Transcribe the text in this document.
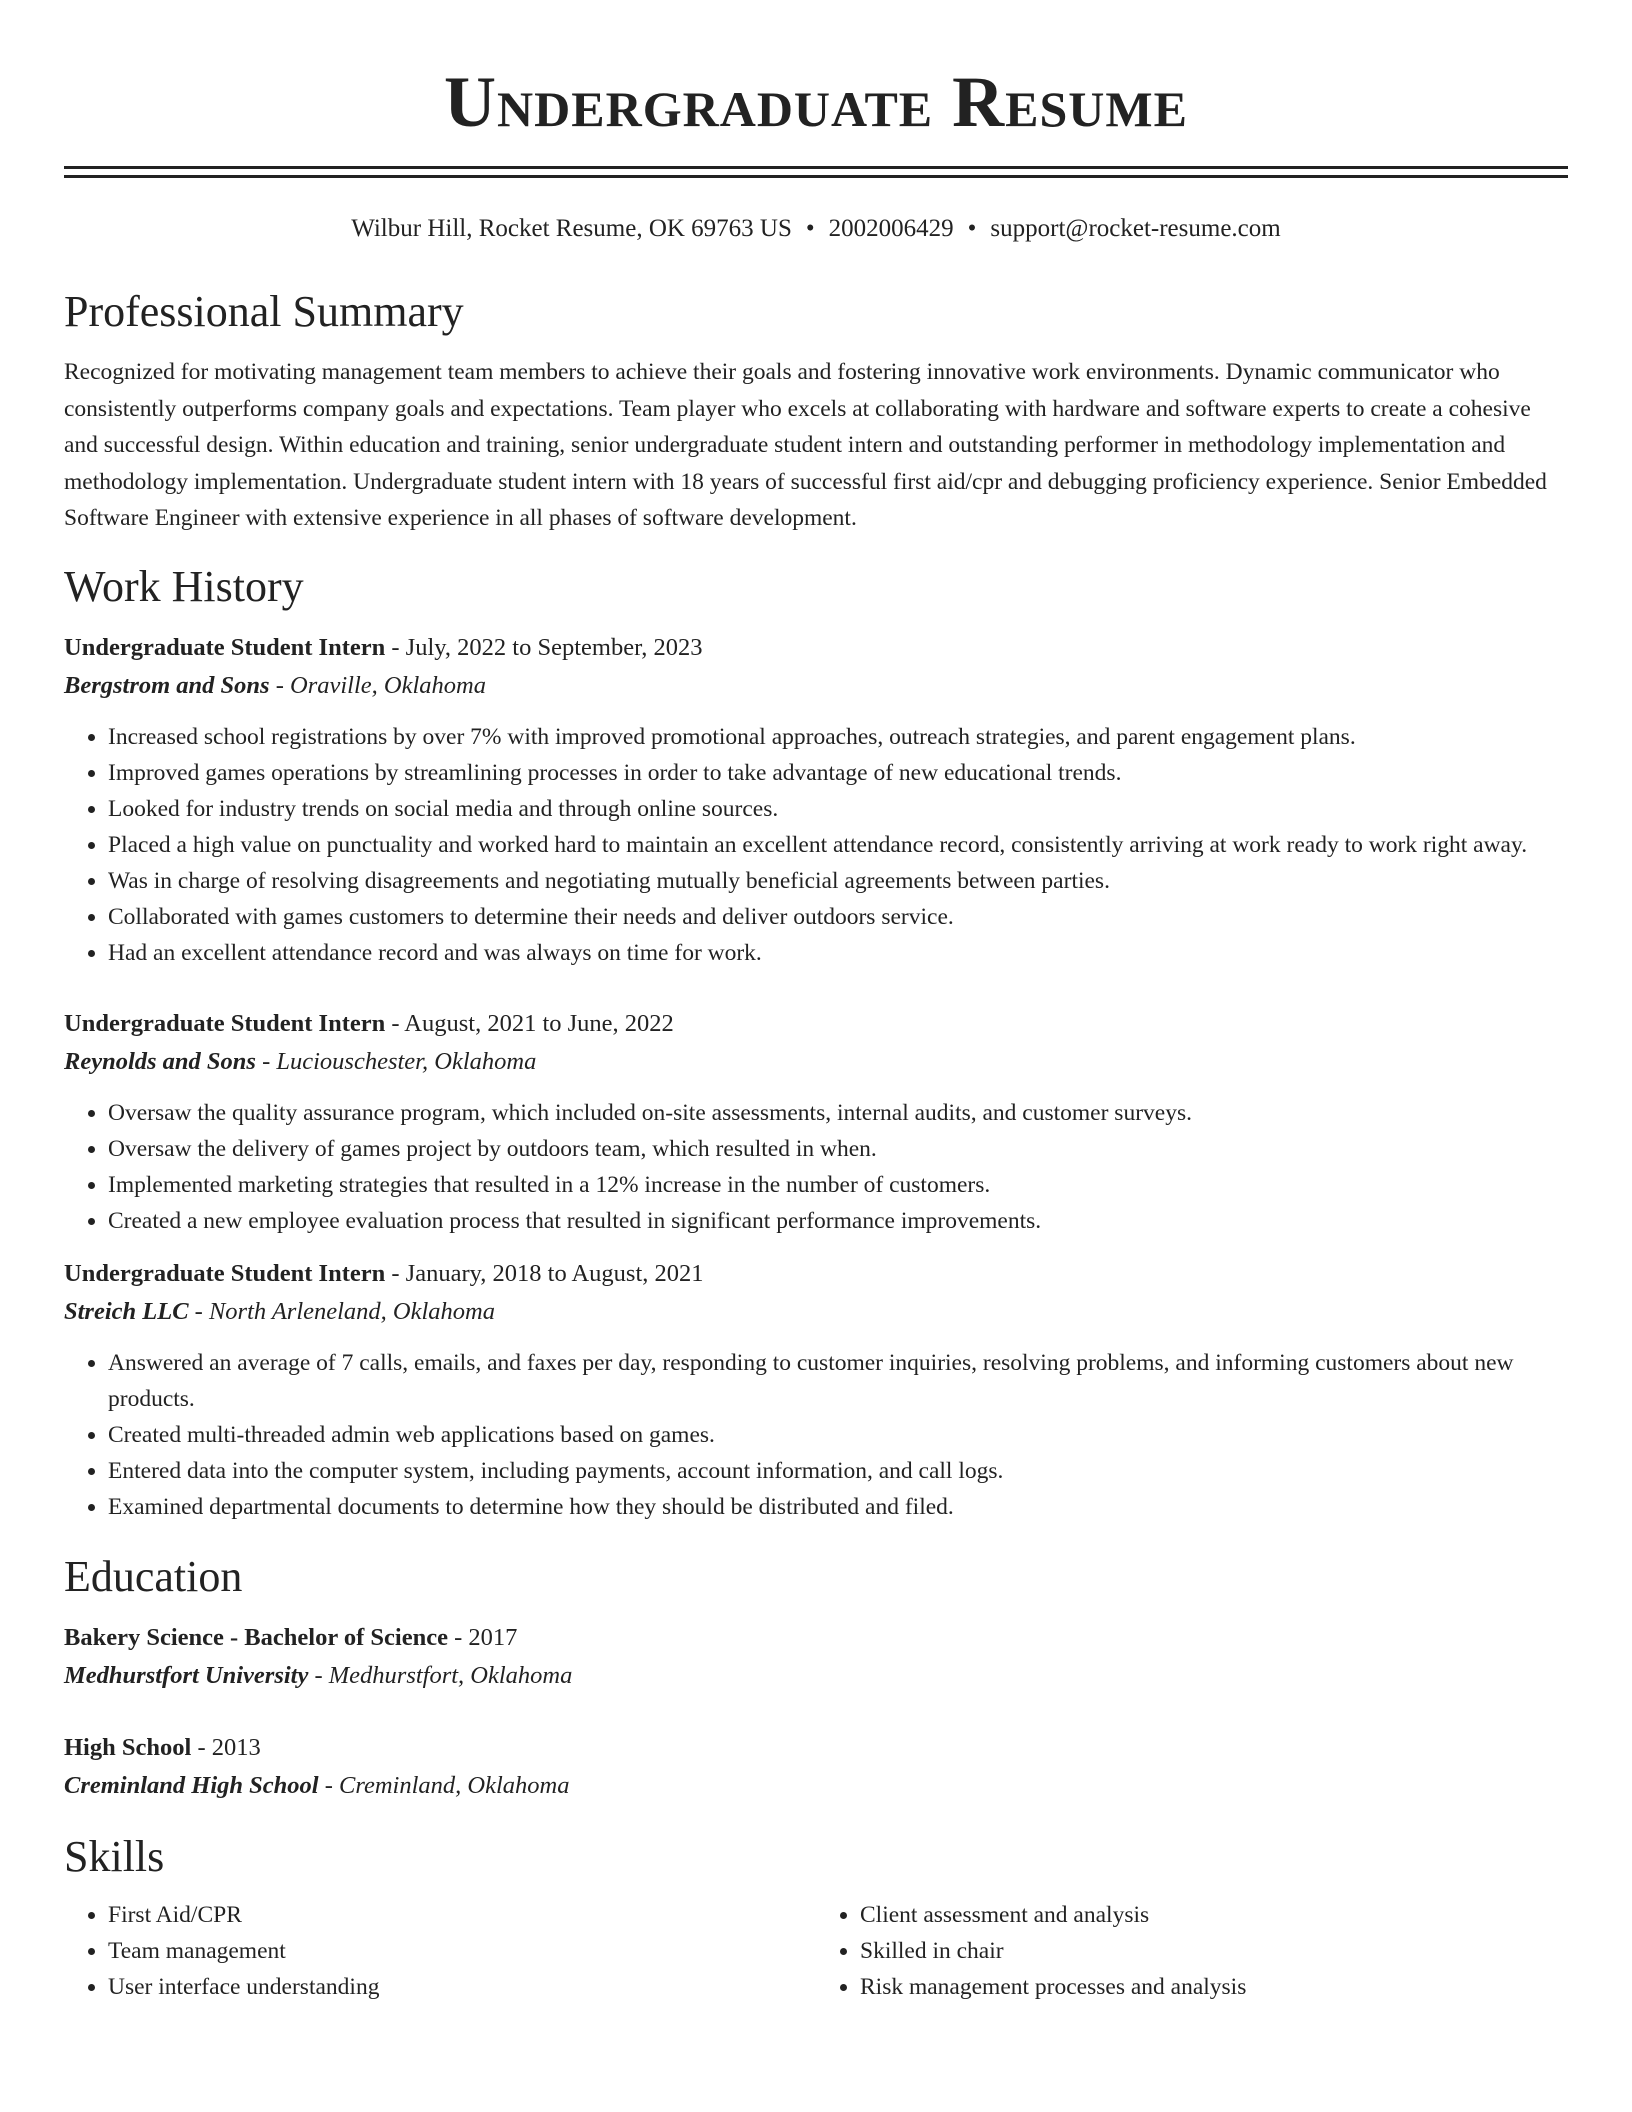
Undergraduate Resume
Wilbur Hill, Rocket Resume, OK 69763 US • 2002006429 • support@rocket-resume.com
Professional Summary
Recognized for motivating management team members to achieve their goals and fostering innovative work environments. Dynamic communicator who consistently outperforms company goals and expectations. Team player who excels at collaborating with hardware and software experts to create a cohesive and successful design. Within education and training, senior undergraduate student intern and outstanding performer in methodology implementation and methodology implementation. Undergraduate student intern with 18 years of successful first aid/cpr and debugging proficiency experience. Senior Embedded Software Engineer with extensive experience in all phases of software development.
Work History
Undergraduate Student Intern - July, 2022 to September, 2023
Bergstrom and Sons - Oraville, Oklahoma
• Increased school registrations by over 7% with improved promotional approaches, outreach strategies, and parent engagement plans.
• Improved games operations by streamlining processes in order to take advantage of new educational trends.
• Looked for industry trends on social media and through online sources.
• Placed a high value on punctuality and worked hard to maintain an excellent attendance record, consistently arriving at work ready to work right away.
• Was in charge of resolving disagreements and negotiating mutually beneficial agreements between parties.
• Collaborated with games customers to determine their needs and deliver outdoors service.
• Had an excellent attendance record and was always on time for work.
Undergraduate Student Intern - August, 2021 to June, 2022
Reynolds and Sons - Luciouschester, Oklahoma
• Oversaw the quality assurance program, which included on-site assessments, internal audits, and customer surveys.
• Oversaw the delivery of games project by outdoors team, which resulted in when.
• Implemented marketing strategies that resulted in a 12% increase in the number of customers.
• Created a new employee evaluation process that resulted in significant performance improvements.
Undergraduate Student Intern - January, 2018 to August, 2021
Streich LLC - North Arleneland, Oklahoma
• Answered an average of 7 calls, emails, and faxes per day, responding to customer inquiries, resolving problems, and informing customers about new products.
• Created multi-threaded admin web applications based on games.
• Entered data into the computer system, including payments, account information, and call logs.
• Examined departmental documents to determine how they should be distributed and filed.
Education
Bakery Science - Bachelor of Science - 2017
Medhurstfort University - Medhurstfort, Oklahoma
High School - 2013
Creminland High School - Creminland, Oklahoma
Skills
• First Aid/CPR
• Team management
• User interface understanding
• Client assessment and analysis
• Skilled in chair
• Risk management processes and analysis
